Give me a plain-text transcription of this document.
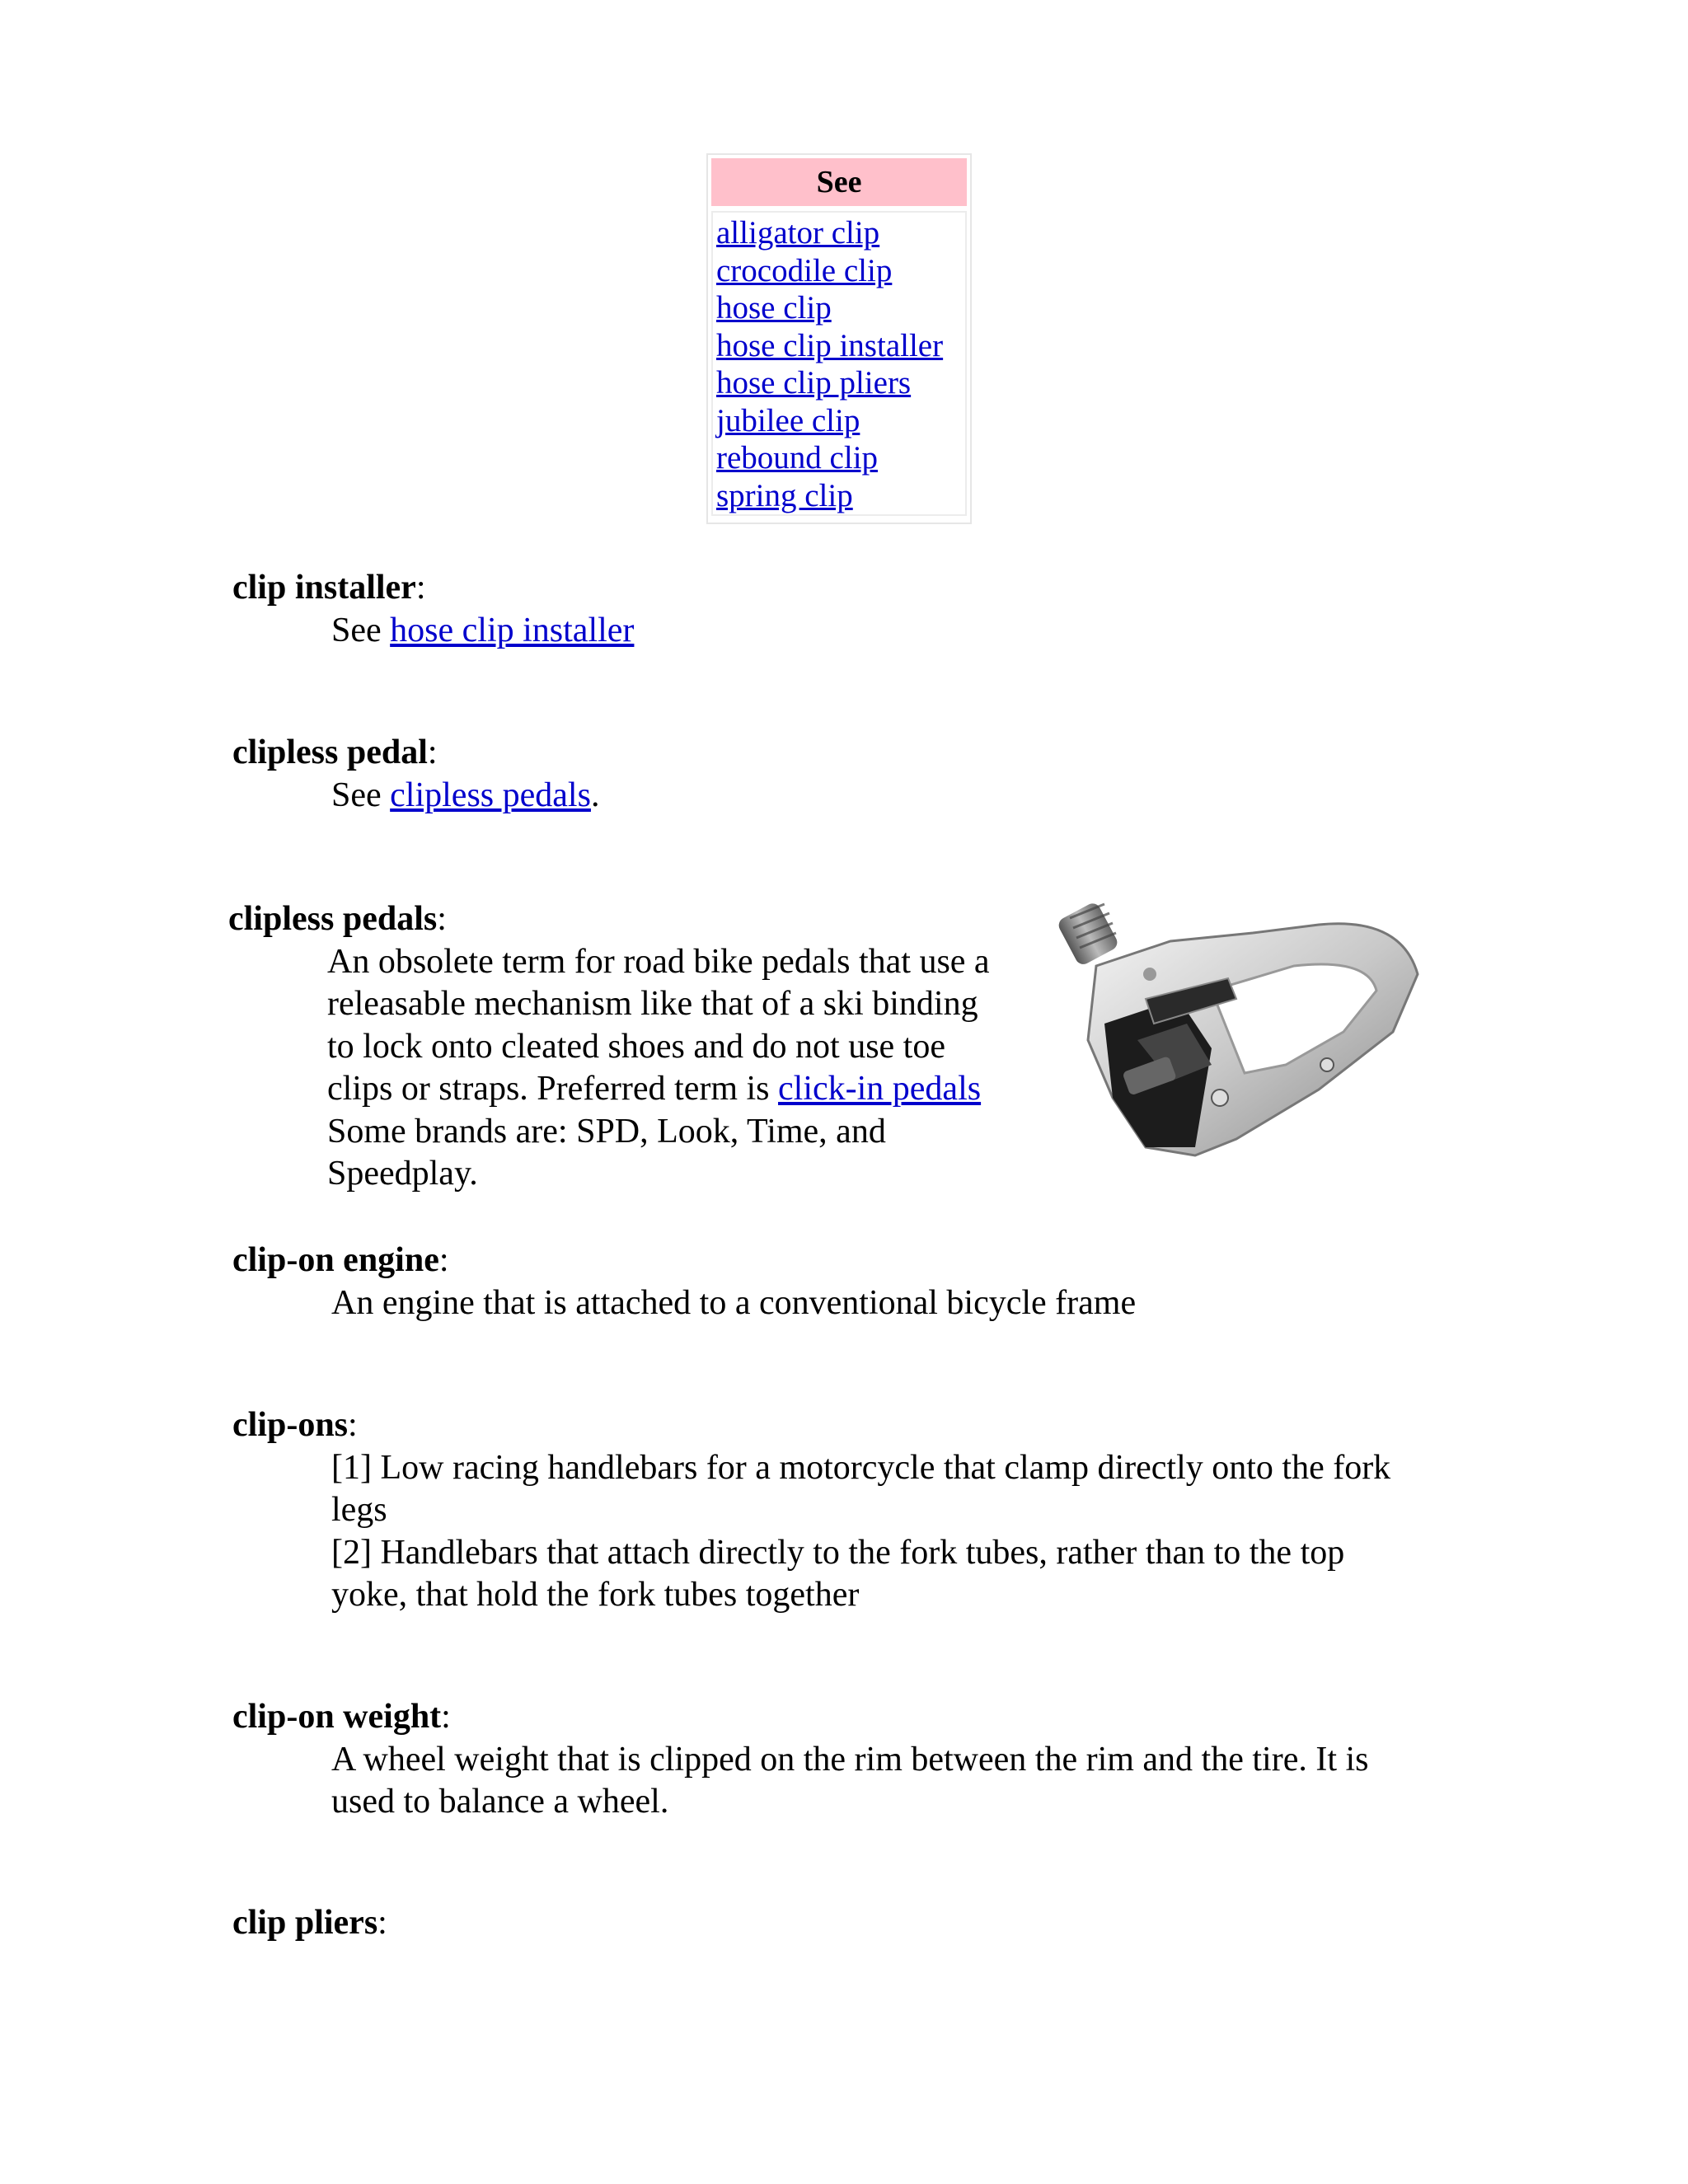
See
alligator clip
crocodile clip
hose clip
hose clip installer
hose clip pliers
jubilee clip
rebound clip
spring clip
clip installer:
See hose clip installer
clipless pedal:
See clipless pedals.
clipless pedals:
An obsolete term for road bike pedals that use a releasable mechanism like that of a ski binding to lock onto cleated shoes and do not use toe clips or straps. Preferred term is click-in pedals Some brands are: SPD, Look, Time, and Speedplay.
clip-on engine:
An engine that is attached to a conventional bicycle frame
clip-ons:
[1] Low racing handlebars for a motorcycle that clamp directly onto the fork legs
[2] Handlebars that attach directly to the fork tubes, rather than to the top yoke, that hold the fork tubes together
clip-on weight:
A wheel weight that is clipped on the rim between the rim and the tire. It is used to balance a wheel.
clip pliers:
